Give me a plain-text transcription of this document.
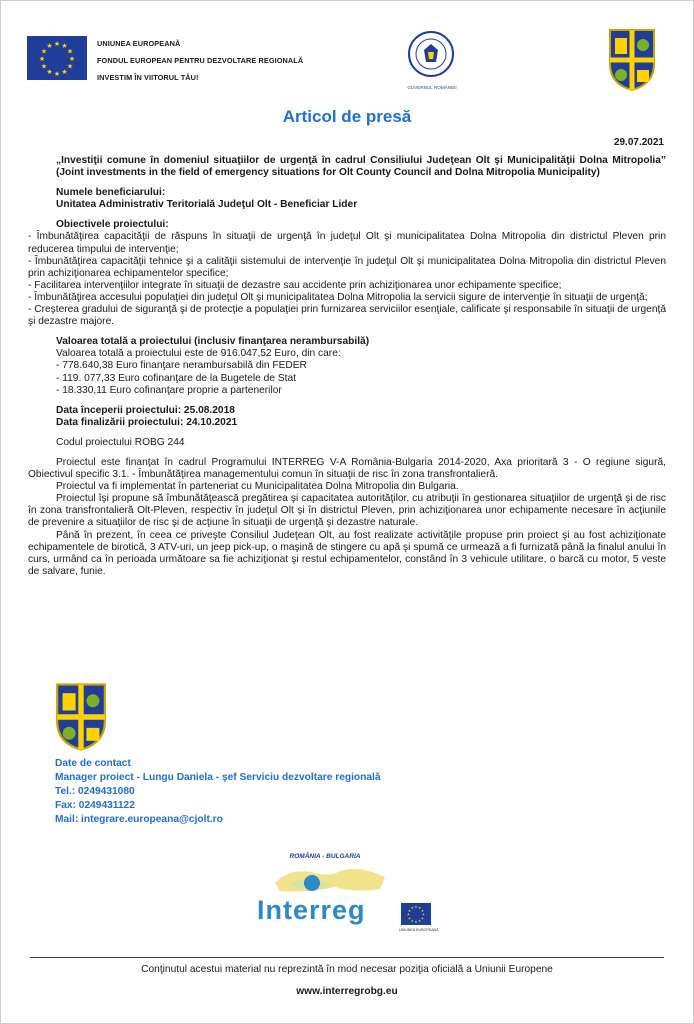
★ ★
★
★
★
★
★
★
★
★
★
★	UNIUNEA EUROPEANĂ
FONDUL EUROPEAN PENTRU DEZVOLTARE REGIONALĂ
INVESTIM ÎN VIITORUL TĂU!
GUVERNUL ROMÂNIEI
Articol de presă
29.07.2021
„Investiţii comune în domeniul situaţiilor de urgenţă în cadrul Consiliului Judeţean Olt şi Municipalităţii Dolna Mitropolia” (Joint investments in the field of emergency situations for Olt County Council and Dolna Mitropolia Municipality)
Numele beneficiarului:
Unitatea Administrativ Teritorială Judeţul Olt - Beneficiar Lider
Obiectivele proiectului:
- Îmbunătăţirea capacităţii de răspuns în situaţii de urgenţă în judeţul Olt şi municipalitatea Dolna Mitropolia din districtul Pleven prin reducerea timpului de intervenţie;
- Îmbunătăţirea capacităţii tehnice şi a calităţii sistemului de intervenţie în judeţul Olt şi municipalitatea Dolna Mitropolia din districtul Pleven prin achiziţionarea echipamentelor specifice;
- Facilitarea intervenţiilor integrate în situaţii de dezastre sau accidente prin achiziţionarea unor echipamente specifice;
- Îmbunătăţirea accesului populaţiei din judeţul Olt şi municipalitatea Dolna Mitropolia la servicii sigure de intervenţie în situaţii de urgenţă;
- Creşterea gradului de siguranţă şi de protecţie a populaţiei prin furnizarea serviciilor esenţiale, calificate şi responsabile în situaţii de urgenţă şi dezastre majore.
Valoarea totală a proiectului (inclusiv finanţarea nerambursabilă)
Valoarea totală a proiectului este de 916.047,52 Euro, din care:
- 778.640,38 Euro finanţare nerambursabilă din FEDER
- 119. 077,33 Euro cofinanţare de la Bugetele de Stat
- 18.330,11 Euro cofinanţare proprie a partenerilor
Data începerii proiectului: 25.08.2018
Data finalizării proiectului: 24.10.2021
Codul proiectului ROBG 244

Proiectul este finanţat în cadrul Programului INTERREG V-A România-Bulgaria 2014-2020, Axa prioritară 3 - O regiune sigură, Obiectivul specific 3.1. - Îmbunătăţirea managementului comun în situaţii de risc în zona transfrontalieră.

Proiectul va fi implementat în parteneriat cu Municipalitatea Dolna Mitropolia din Bulgaria.

Proiectul îşi propune să îmbunătăţească pregătirea şi capacitatea autorităţilor, cu atribuţii în gestionarea situaţiilor de urgenţă şi de risc în zona transfrontalieră Olt-Pleven, respectiv în judeţul Olt şi în districtul Pleven, prin achiziţionarea unor echipamente necesare în acţiunile de prevenire a situaţiilor de risc şi de acţiune în situaţii de urgenţă şi dezastre naturale.

Până în prezent, în ceea ce priveşte Consiliul Judeţean Olt, au fost realizate activităţile propuse prin proiect şi au fost achiziţionate echipamentele de birotică, 3 ATV-uri, un jeep pick-up, o maşină de stingere cu apă şi spumă ce urmează a fi furnizată până la finalul anului în curs, urmând ca în perioada următoare sa fie achiziţionat şi restul echipamentelor, constând în 3 vehicule utilitare, o barcă cu motor, 5 veste de salvare, funie.

Date de contact
Manager proiect - Lungu Daniela - şef Serviciu dezvoltare regională
Tel.: 0249431080
Fax: 0249431122
Mail: integrare.europeana@cjolt.ro
ROMÂNIA - BULGARIA
Interreg	★ ★
★
★
★
★
★
★
★
★
★
★
UNIUNEA EUROPEANĂ
Conţinutul acestui material nu reprezintă în mod necesar poziţia oficială a Uniunii Europene
www.interregrobg.eu
